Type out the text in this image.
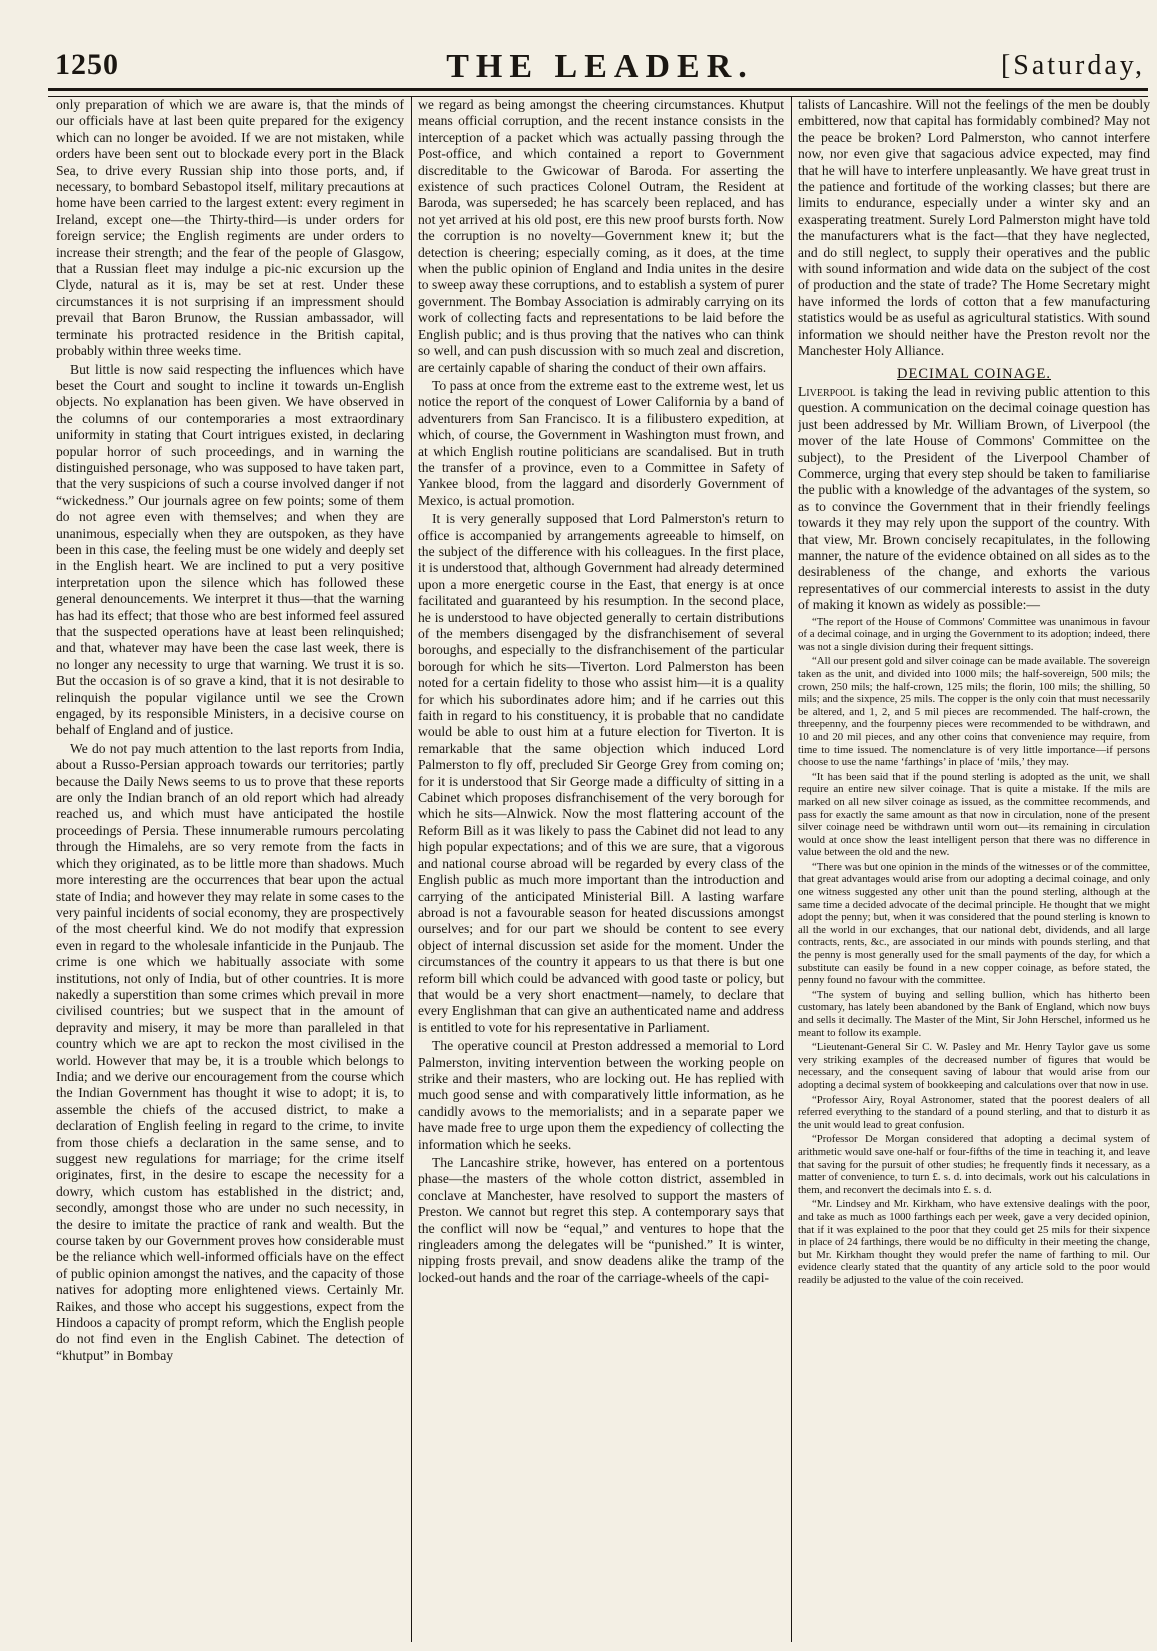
1250	THE LEADER.	[Saturday,

only preparation of which we are aware is, that the minds of our officials have at last been quite prepared for the exigency which can no longer be avoided. If we are not mistaken, while orders have been sent out to blockade every port in the Black Sea, to drive every Russian ship into those ports, and, if necessary, to bombard Sebastopol itself, military precautions at home have been carried to the largest extent: every regiment in Ireland, except one—the Thirty-third—is under orders for foreign service; the English regiments are under orders to increase their strength; and the fear of the people of Glasgow, that a Russian fleet may indulge a pic-nic excursion up the Clyde, natural as it is, may be set at rest. Under these circumstances it is not surprising if an impressment should prevail that Baron Brunow, the Russian ambassador, will terminate his protracted residence in the British capital, probably within three weeks time.

But little is now said respecting the influences which have beset the Court and sought to incline it towards un-English objects. No explanation has been given. We have observed in the columns of our contemporaries a most extraordinary uniformity in stating that Court intrigues existed, in declaring popular horror of such proceedings, and in warning the distinguished personage, who was supposed to have taken part, that the very suspicions of such a course involved danger if not “wickedness.” Our journals agree on few points; some of them do not agree even with themselves; and when they are unanimous, especially when they are outspoken, as they have been in this case, the feeling must be one widely and deeply set in the English heart. We are inclined to put a very positive interpretation upon the silence which has followed these general denouncements. We interpret it thus—that the warning has had its effect; that those who are best informed feel assured that the suspected operations have at least been relinquished; and that, whatever may have been the case last week, there is no longer any necessity to urge that warning. We trust it is so. But the occasion is of so grave a kind, that it is not desirable to relinquish the popular vigilance until we see the Crown engaged, by its responsible Ministers, in a decisive course on behalf of England and of justice.

We do not pay much attention to the last reports from India, about a Russo-Persian approach towards our territories; partly because the Daily News seems to us to prove that these reports are only the Indian branch of an old report which had already reached us, and which must have anticipated the hostile proceedings of Persia. These innumerable rumours percolating through the Himalehs, are so very remote from the facts in which they originated, as to be little more than shadows. Much more interesting are the occurrences that bear upon the actual state of India; and however they may relate in some cases to the very painful incidents of social economy, they are prospectively of the most cheerful kind. We do not modify that expression even in regard to the wholesale infanticide in the Punjaub. The crime is one which we habitually associate with some institutions, not only of India, but of other countries. It is more nakedly a superstition than some crimes which prevail in more civilised countries; but we suspect that in the amount of depravity and misery, it may be more than paralleled in that country which we are apt to reckon the most civilised in the world. However that may be, it is a trouble which belongs to India; and we derive our encouragement from the course which the Indian Government has thought it wise to adopt; it is, to assemble the chiefs of the accused district, to make a declaration of English feeling in regard to the crime, to invite from those chiefs a declaration in the same sense, and to suggest new regulations for marriage; for the crime itself originates, first, in the desire to escape the necessity for a dowry, which custom has established in the district; and, secondly, amongst those who are under no such necessity, in the desire to imitate the practice of rank and wealth. But the course taken by our Government proves how considerable must be the reliance which well-informed officials have on the effect of public opinion amongst the natives, and the capacity of those natives for adopting more enlightened views. Certainly Mr. Raikes, and those who accept his suggestions, expect from the Hindoos a capacity of prompt reform, which the English people do not find even in the English Cabinet. The detection of “khutput” in Bombay

we regard as being amongst the cheering circumstances. Khutput means official corruption, and the recent instance consists in the interception of a packet which was actually passing through the Post-office, and which contained a report to Government discreditable to the Gwicowar of Baroda. For asserting the existence of such practices Colonel Outram, the Resident at Baroda, was superseded; he has scarcely been replaced, and has not yet arrived at his old post, ere this new proof bursts forth. Now the corruption is no novelty—Government knew it; but the detection is cheering; especially coming, as it does, at the time when the public opinion of England and India unites in the desire to sweep away these corruptions, and to establish a system of purer government. The Bombay Association is admirably carrying on its work of collecting facts and representations to be laid before the English public; and is thus proving that the natives who can think so well, and can push discussion with so much zeal and discretion, are certainly capable of sharing the conduct of their own affairs.

To pass at once from the extreme east to the extreme west, let us notice the report of the conquest of Lower California by a band of adventurers from San Francisco. It is a filibustero expedition, at which, of course, the Government in Washington must frown, and at which English routine politicians are scandalised. But in truth the transfer of a province, even to a Committee in Safety of Yankee blood, from the laggard and disorderly Government of Mexico, is actual promotion.

It is very generally supposed that Lord Palmerston's return to office is accompanied by arrangements agreeable to himself, on the subject of the difference with his colleagues. In the first place, it is understood that, although Government had already determined upon a more energetic course in the East, that energy is at once facilitated and guaranteed by his resumption. In the second place, he is understood to have objected generally to certain distributions of the members disengaged by the disfranchisement of several boroughs, and especially to the disfranchisement of the particular borough for which he sits—Tiverton. Lord Palmerston has been noted for a certain fidelity to those who assist him—it is a quality for which his subordinates adore him; and if he carries out this faith in regard to his constituency, it is probable that no candidate would be able to oust him at a future election for Tiverton. It is remarkable that the same objection which induced Lord Palmerston to fly off, precluded Sir George Grey from coming on; for it is understood that Sir George made a difficulty of sitting in a Cabinet which proposes disfranchisement of the very borough for which he sits—Alnwick. Now the most flattering account of the Reform Bill as it was likely to pass the Cabinet did not lead to any high popular expectations; and of this we are sure, that a vigorous and national course abroad will be regarded by every class of the English public as much more important than the introduction and carrying of the anticipated Ministerial Bill. A lasting warfare abroad is not a favourable season for heated discussions amongst ourselves; and for our part we should be content to see every object of internal discussion set aside for the moment. Under the circumstances of the country it appears to us that there is but one reform bill which could be advanced with good taste or policy, but that would be a very short enactment—namely, to declare that every Englishman that can give an authenticated name and address is entitled to vote for his representative in Parliament.

The operative council at Preston addressed a memorial to Lord Palmerston, inviting intervention between the working people on strike and their masters, who are locking out. He has replied with much good sense and with comparatively little information, as he candidly avows to the memorialists; and in a separate paper we have made free to urge upon them the expediency of collecting the information which he seeks.

The Lancashire strike, however, has entered on a portentous phase—the masters of the whole cotton district, assembled in conclave at Manchester, have resolved to support the masters of Preston. We cannot but regret this step. A contemporary says that the conflict will now be “equal,” and ventures to hope that the ringleaders among the delegates will be “punished.” It is winter, nipping frosts prevail, and snow deadens alike the tramp of the locked-out hands and the roar of the carriage-wheels of the capi-

talists of Lancashire. Will not the feelings of the men be doubly embittered, now that capital has formidably combined? May not the peace be broken? Lord Palmerston, who cannot interfere now, nor even give that sagacious advice expected, may find that he will have to interfere unpleasantly. We have great trust in the patience and fortitude of the working classes; but there are limits to endurance, especially under a winter sky and an exasperating treatment. Surely Lord Palmerston might have told the manufacturers what is the fact—that they have neglected, and do still neglect, to supply their operatives and the public with sound information and wide data on the subject of the cost of production and the state of trade? The Home Secretary might have informed the lords of cotton that a few manufacturing statistics would be as useful as agricultural statistics. With sound information we should neither have the Preston revolt nor the Manchester Holy Alliance.

DECIMAL COINAGE.

Liverpool is taking the lead in reviving public attention to this question. A communication on the decimal coinage question has just been addressed by Mr. William Brown, of Liverpool (the mover of the late House of Commons' Committee on the subject), to the President of the Liverpool Chamber of Commerce, urging that every step should be taken to familiarise the public with a knowledge of the advantages of the system, so as to convince the Government that in their friendly feelings towards it they may rely upon the support of the country. With that view, Mr. Brown concisely recapitulates, in the following manner, the nature of the evidence obtained on all sides as to the desirableness of the change, and exhorts the various representatives of our commercial interests to assist in the duty of making it known as widely as possible:—

“The report of the House of Commons' Committee was unanimous in favour of a decimal coinage, and in urging the Government to its adoption; indeed, there was not a single division during their frequent sittings.

“All our present gold and silver coinage can be made available. The sovereign taken as the unit, and divided into 1000 mils; the half-sovereign, 500 mils; the crown, 250 mils; the half-crown, 125 mils; the florin, 100 mils; the shilling, 50 mils; and the sixpence, 25 mils. The copper is the only coin that must necessarily be altered, and 1, 2, and 5 mil pieces are recommended. The half-crown, the threepenny, and the fourpenny pieces were recommended to be withdrawn, and 10 and 20 mil pieces, and any other coins that convenience may require, from time to time issued. The nomenclature is of very little importance—if persons choose to use the name ‘farthings’ in place of ‘mils,’ they may.

“It has been said that if the pound sterling is adopted as the unit, we shall require an entire new silver coinage. That is quite a mistake. If the mils are marked on all new silver coinage as issued, as the committee recommends, and pass for exactly the same amount as that now in circulation, none of the present silver coinage need be withdrawn until worn out—its remaining in circulation would at once show the least intelligent person that there was no difference in value between the old and the new.

“There was but one opinion in the minds of the witnesses or of the committee, that great advantages would arise from our adopting a decimal coinage, and only one witness suggested any other unit than the pound sterling, although at the same time a decided advocate of the decimal principle. He thought that we might adopt the penny; but, when it was considered that the pound sterling is known to all the world in our exchanges, that our national debt, dividends, and all large contracts, rents, &c., are associated in our minds with pounds sterling, and that the penny is most generally used for the small payments of the day, for which a substitute can easily be found in a new copper coinage, as before stated, the penny found no favour with the committee.

“The system of buying and selling bullion, which has hitherto been customary, has lately been abandoned by the Bank of England, which now buys and sells it decimally. The Master of the Mint, Sir John Herschel, informed us he meant to follow its example.

“Lieutenant-General Sir C. W. Pasley and Mr. Henry Taylor gave us some very striking examples of the decreased number of figures that would be necessary, and the consequent saving of labour that would arise from our adopting a decimal system of bookkeeping and calculations over that now in use.

“Professor Airy, Royal Astronomer, stated that the poorest dealers of all referred everything to the standard of a pound sterling, and that to disturb it as the unit would lead to great confusion.

“Professor De Morgan considered that adopting a decimal system of arithmetic would save one-half or four-fifths of the time in teaching it, and leave that saving for the pursuit of other studies; he frequently finds it necessary, as a matter of convenience, to turn £. s. d. into decimals, work out his calculations in them, and reconvert the decimals into £. s. d.

“Mr. Lindsey and Mr. Kirkham, who have extensive dealings with the poor, and take as much as 1000 farthings each per week, gave a very decided opinion, that if it was explained to the poor that they could get 25 mils for their sixpence in place of 24 farthings, there would be no difficulty in their meeting the change, but Mr. Kirkham thought they would prefer the name of farthing to mil. Our evidence clearly stated that the quantity of any article sold to the poor would readily be adjusted to the value of the coin received.
